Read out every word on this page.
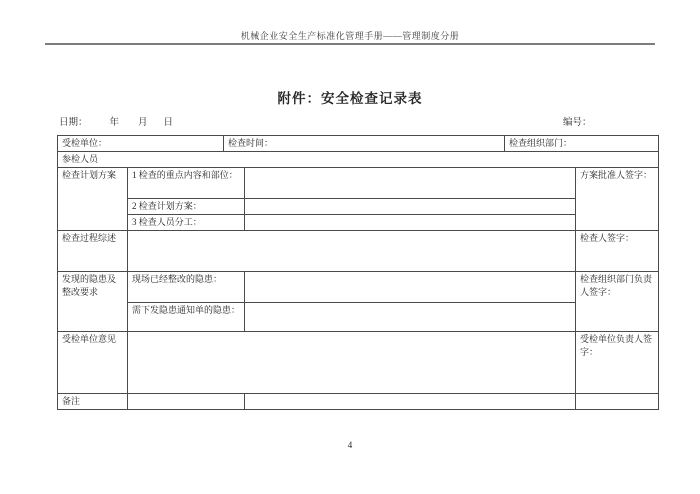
机械企业安全生产标准化管理手册——管理制度分册
附件：安全检查记录表
日期： 年 月 日	编号：
受检单位：		检查时间：		检查组织部门：	
参检人员					
检查计划方案	1 检查的重点内容和部位：				方案批准人签字：
	2 检查计划方案：				
	3 检查人员分工：				
检查过程综述					检查人签字：
发现的隐患及整改要求	现场已经整改的隐患：				检查组织部门负责人签字：
	需下发隐患通知单的隐患：				
受检单位意见					受检单位负责人签字：
备注					
4
